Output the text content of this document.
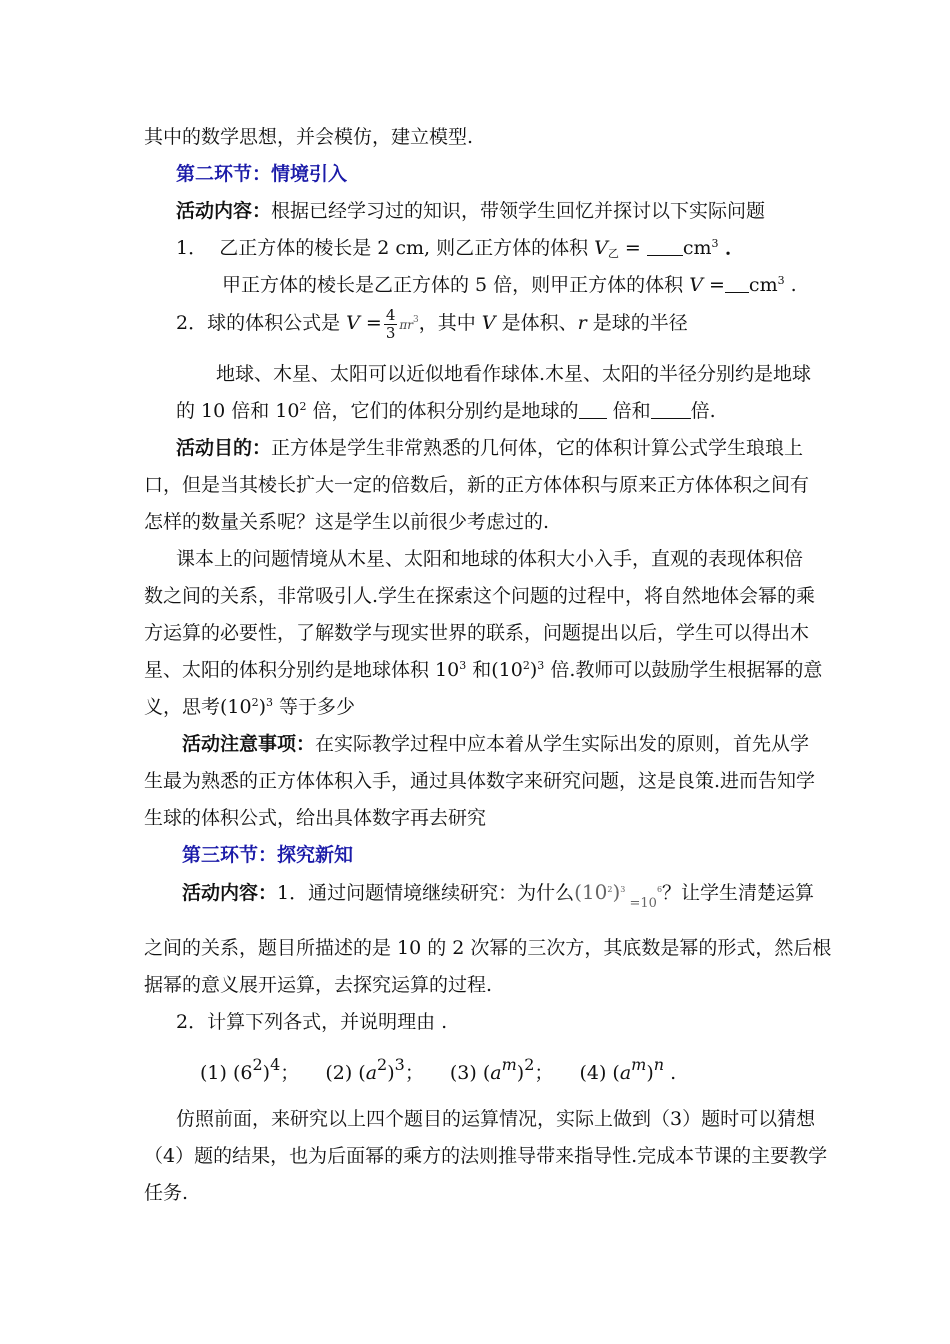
其中的数学思想，并会模仿，建立模型.
第二环节：情境引入
活动内容：根据已经学习过的知识，带领学生回忆并探讨以下实际问题
1． 乙正方体的棱长是 2 cm, 则乙正方体的体积 $V_乙 = cm^3$ ．
甲正方体的棱长是乙正方体的 5 倍，则甲正方体的体积 $V = cm^3$ .
2．球的体积公式是 $V = \frac{4}{3} \pi r^3$，其中 V 是体积、r 是球的半径
地球、木星、太阳可以近似地看作球体.木星、太阳的半径分别约是地球
的 10 倍和 $10^2$ 倍，它们的体积分别约是地球的 倍和 倍.
活动目的：正方体是学生非常熟悉的几何体，它的体积计算公式学生琅琅上
口，但是当其棱长扩大一定的倍数后，新的正方体体积与原来正方体体积之间有
怎样的数量关系呢？这是学生以前很少考虑过的.
课本上的问题情境从木星、太阳和地球的体积大小入手，直观的表现体积倍
数之间的关系，非常吸引人.学生在探索这个问题的过程中，将自然地体会幂的乘
方运算的必要性，了解数学与现实世界的联系，问题提出以后，学生可以得出木
星、太阳的体积分别约是地球体积 $10^3$ 和$(10^2)^3$ 倍.教师可以鼓励学生根据幂的意
义，思考$(10^2)^3$ 等于多少
活动注意事项：在实际教学过程中应本着从学生实际出发的原则，首先从学
生最为熟悉的正方体体积入手，通过具体数字来研究问题，这是良策.进而告知学
生球的体积公式，给出具体数字再去研究
第三环节：探究新知
活动内容：1．通过问题情境继续研究：为什么$(10^2)^3 =10^6$？让学生清楚运算
之间的关系，题目所描述的是 10 的 2 次幂的三次方，其底数是幂的形式，然后根
据幂的意义展开运算，去探究运算的过程.
2．计算下列各式，并说明理由 .
(1) $(6^2)^4$； (2) $(a^2)^3$； (3) $(a^m)^2$； (4) $(a^m)^n$ .
仿照前面，来研究以上四个题目的运算情况，实际上做到（3）题时可以猜想
（4）题的结果，也为后面幂的乘方的法则推导带来指导性.完成本节课的主要教学
任务.
